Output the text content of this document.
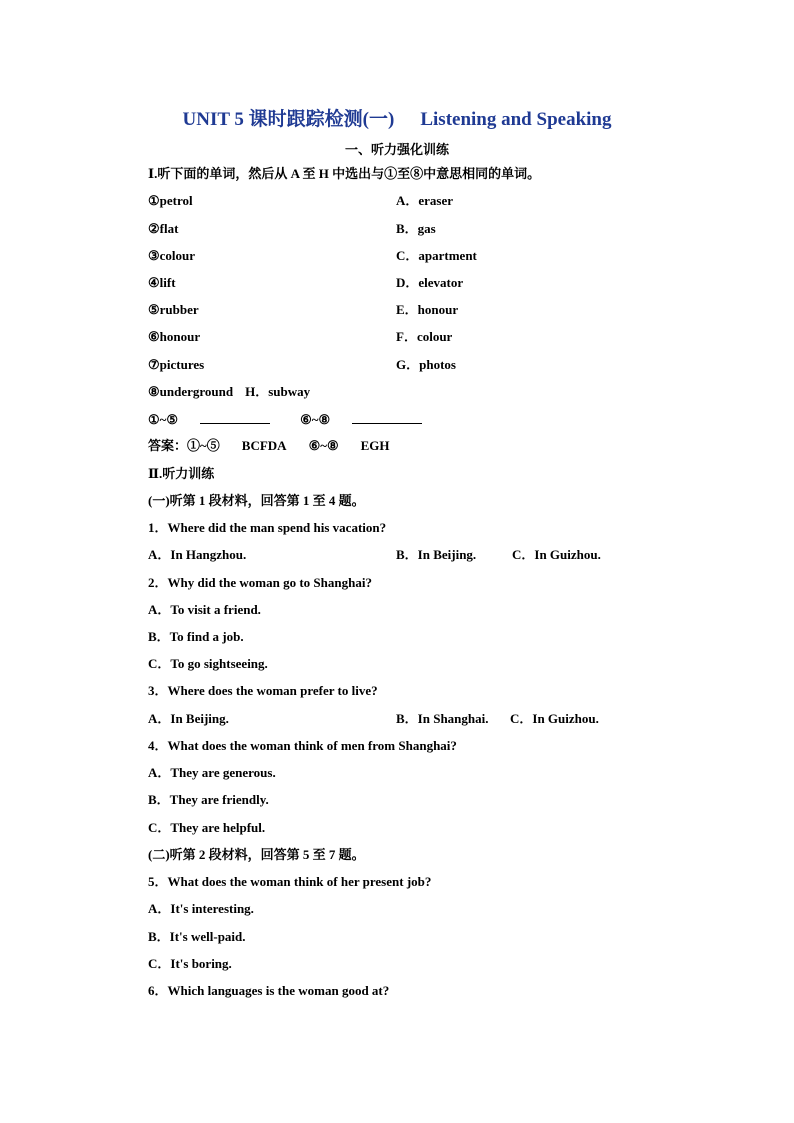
UNIT 5 课时跟踪检测(一) Listening and Speaking
一、听力强化训练
Ⅰ.听下面的单词，然后从 A 至 H 中选出与①至⑧中意思相同的单词。
①petrol	A．eraser
②flat	B．gas
③colour	C．apartment
④lift	D．elevator
⑤rubber	E．honour
⑥honour	F．colour
⑦pictures	G．photos
⑧underground H．subway
①~⑤	⑥~⑧
答案：①~⑤ BCFDA ⑥~⑧ EGH
Ⅱ.听力训练
(一)听第 1 段材料，回答第 1 至 4 题。
1．Where did the man spend his vacation?
A．In Hangzhou.	B．In Beijing.	C．In Guizhou.
2．Why did the woman go to Shanghai?
A．To visit a friend.
B．To find a job.
C．To go sightseeing.
3．Where does the woman prefer to live?
A．In Beijing.	B．In Shanghai. C．In Guizhou.
4．What does the woman think of men from Shanghai?
A．They are generous.
B．They are friendly.
C．They are helpful.
(二)听第 2 段材料，回答第 5 至 7 题。
5．What does the woman think of her present job?
A．It's interesting.
B．It's well-paid.
C．It's boring.
6．Which languages is the woman good at?
